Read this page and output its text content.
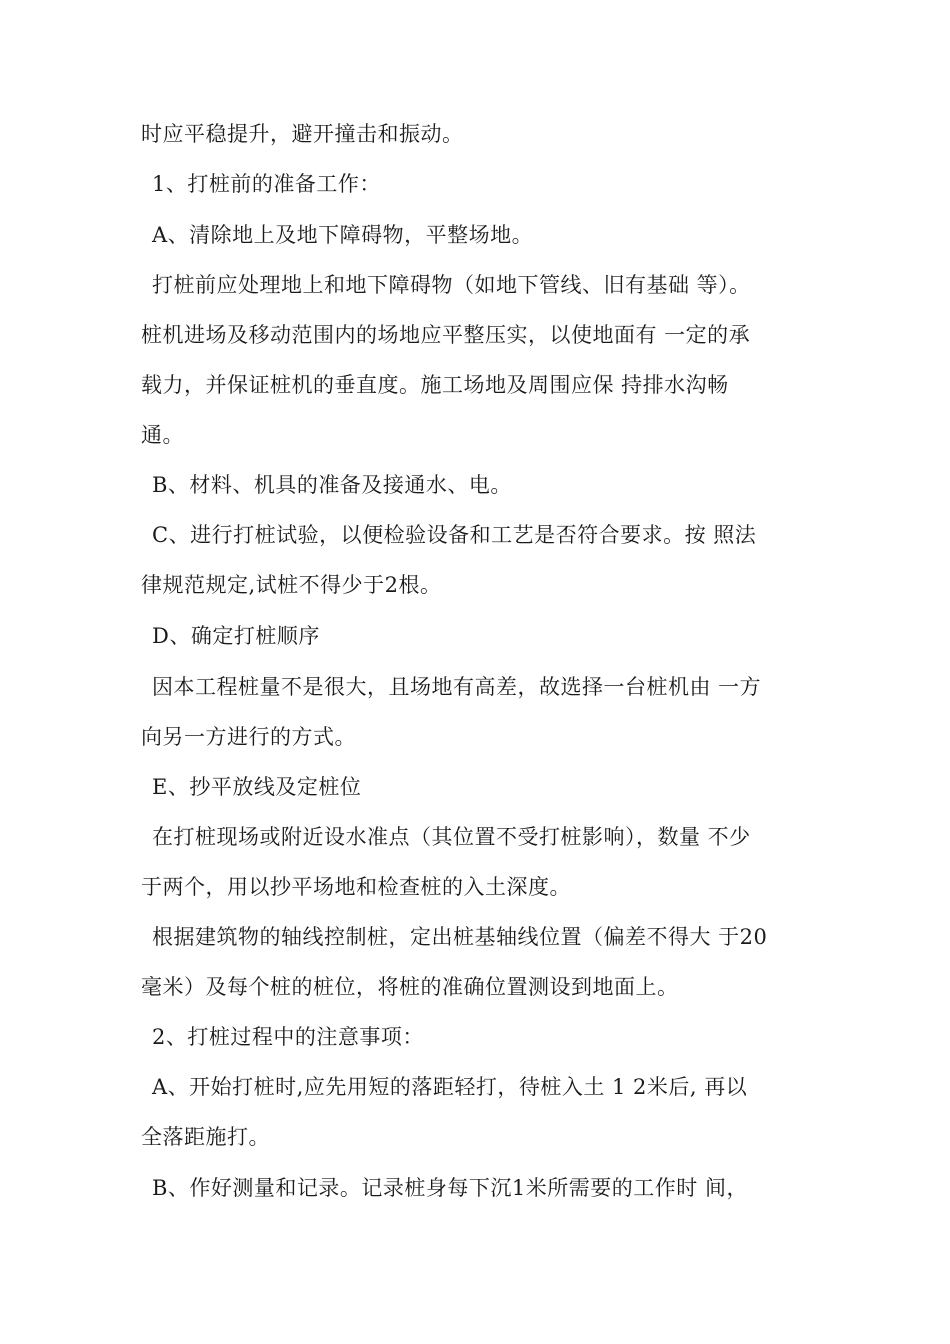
时应平稳提升，避开撞击和振动。
1、打桩前的准备工作：
A、清除地上及地下障碍物，平整场地。
打桩前应处理地上和地下障碍物（如地下管线、旧有基础 等）。
桩机进场及移动范围内的场地应平整压实，以使地面有 一定的承
载力，并保证桩机的垂直度。施工场地及周围应保 持排水沟畅
通。
B、材料、机具的准备及接通水、电。
C、进行打桩试验，以便检验设备和工艺是否符合要求。按 照法
律规范规定,试桩不得少于2根。
D、确定打桩顺序
因本工程桩量不是很大，且场地有高差，故选择一台桩机由 一方
向另一方进行的方式。
E、抄平放线及定桩位
在打桩现场或附近设水准点（其位置不受打桩影响），数量 不少
于两个，用以抄平场地和检查桩的入土深度。
根据建筑物的轴线控制桩，定出桩基轴线位置（偏差不得大 于20
毫米）及每个桩的桩位，将桩的准确位置测设到地面上。
2、打桩过程中的注意事项：
A、开始打桩时,应先用短的落距轻打，待桩入土 1 2米后, 再以
全落距施打。
B、作好测量和记录。记录桩身每下沉1米所需要的工作时 间，
